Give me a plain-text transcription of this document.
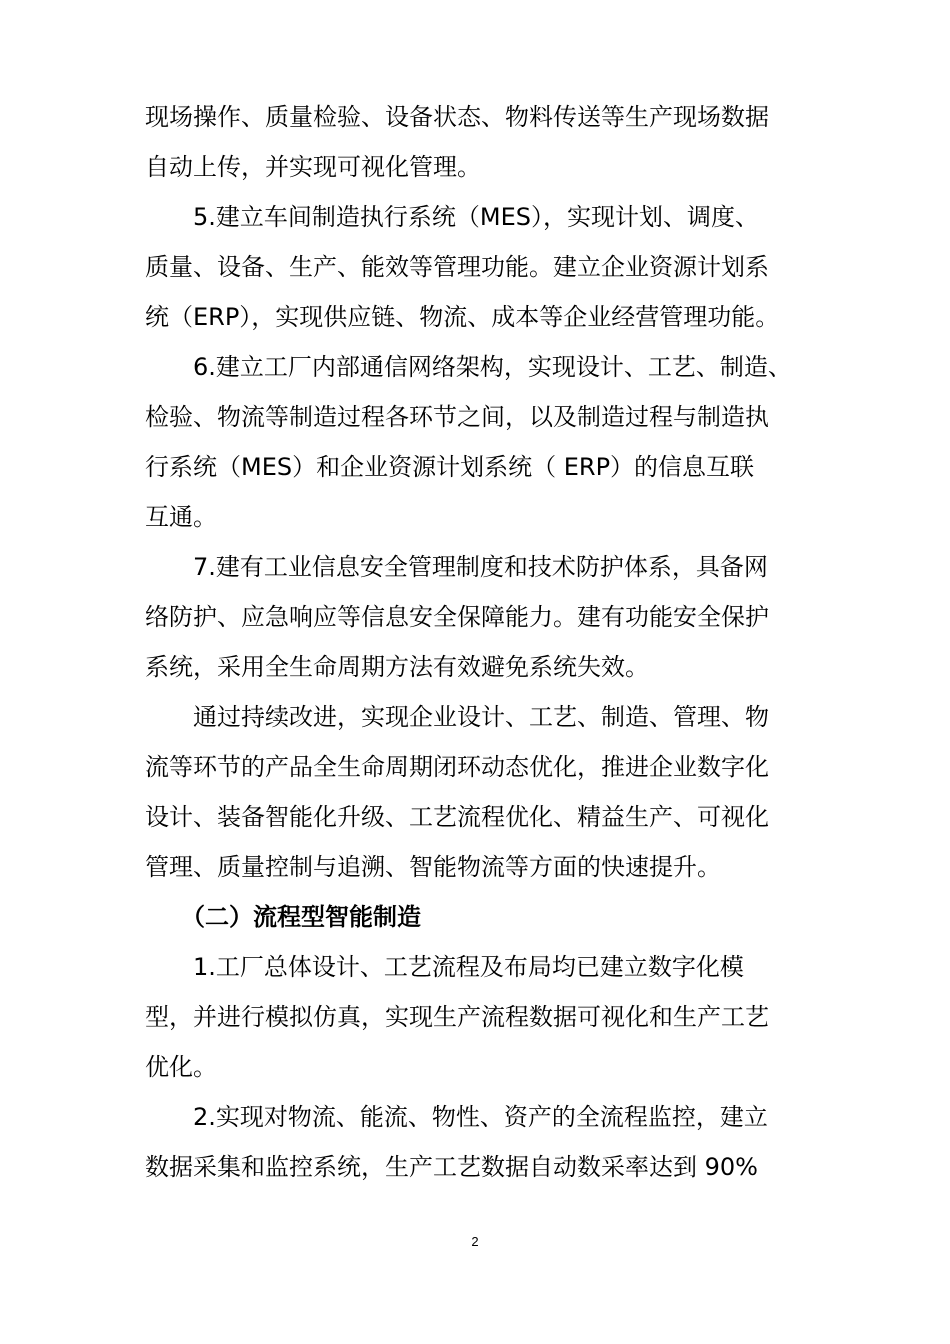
现场操作、质量检验、设备状态、物料传送等生产现场数据
自动上传，并实现可视化管理。
　　5.建立车间制造执行系统（MES），实现计划、调度、
质量、设备、生产、能效等管理功能。建立企业资源计划系
统（ERP），实现供应链、物流、成本等企业经营管理功能。
　　6.建立工厂内部通信网络架构，实现设计、工艺、制造、
检验、物流等制造过程各环节之间，以及制造过程与制造执
行系统（MES）和企业资源计划系统（ ERP）的信息互联
互通。
　　7.建有工业信息安全管理制度和技术防护体系，具备网
络防护、应急响应等信息安全保障能力。建有功能安全保护
系统，采用全生命周期方法有效避免系统失效。
　　通过持续改进，实现企业设计、工艺、制造、管理、物
流等环节的产品全生命周期闭环动态优化，推进企业数字化
设计、装备智能化升级、工艺流程优化、精益生产、可视化
管理、质量控制与追溯、智能物流等方面的快速提升。
　　（二）流程型智能制造
　　1.工厂总体设计、工艺流程及布局均已建立数字化模
型，并进行模拟仿真，实现生产流程数据可视化和生产工艺
优化。
　　2.实现对物流、能流、物性、资产的全流程监控，建立
数据采集和监控系统，生产工艺数据自动数采率达到 90%
2
